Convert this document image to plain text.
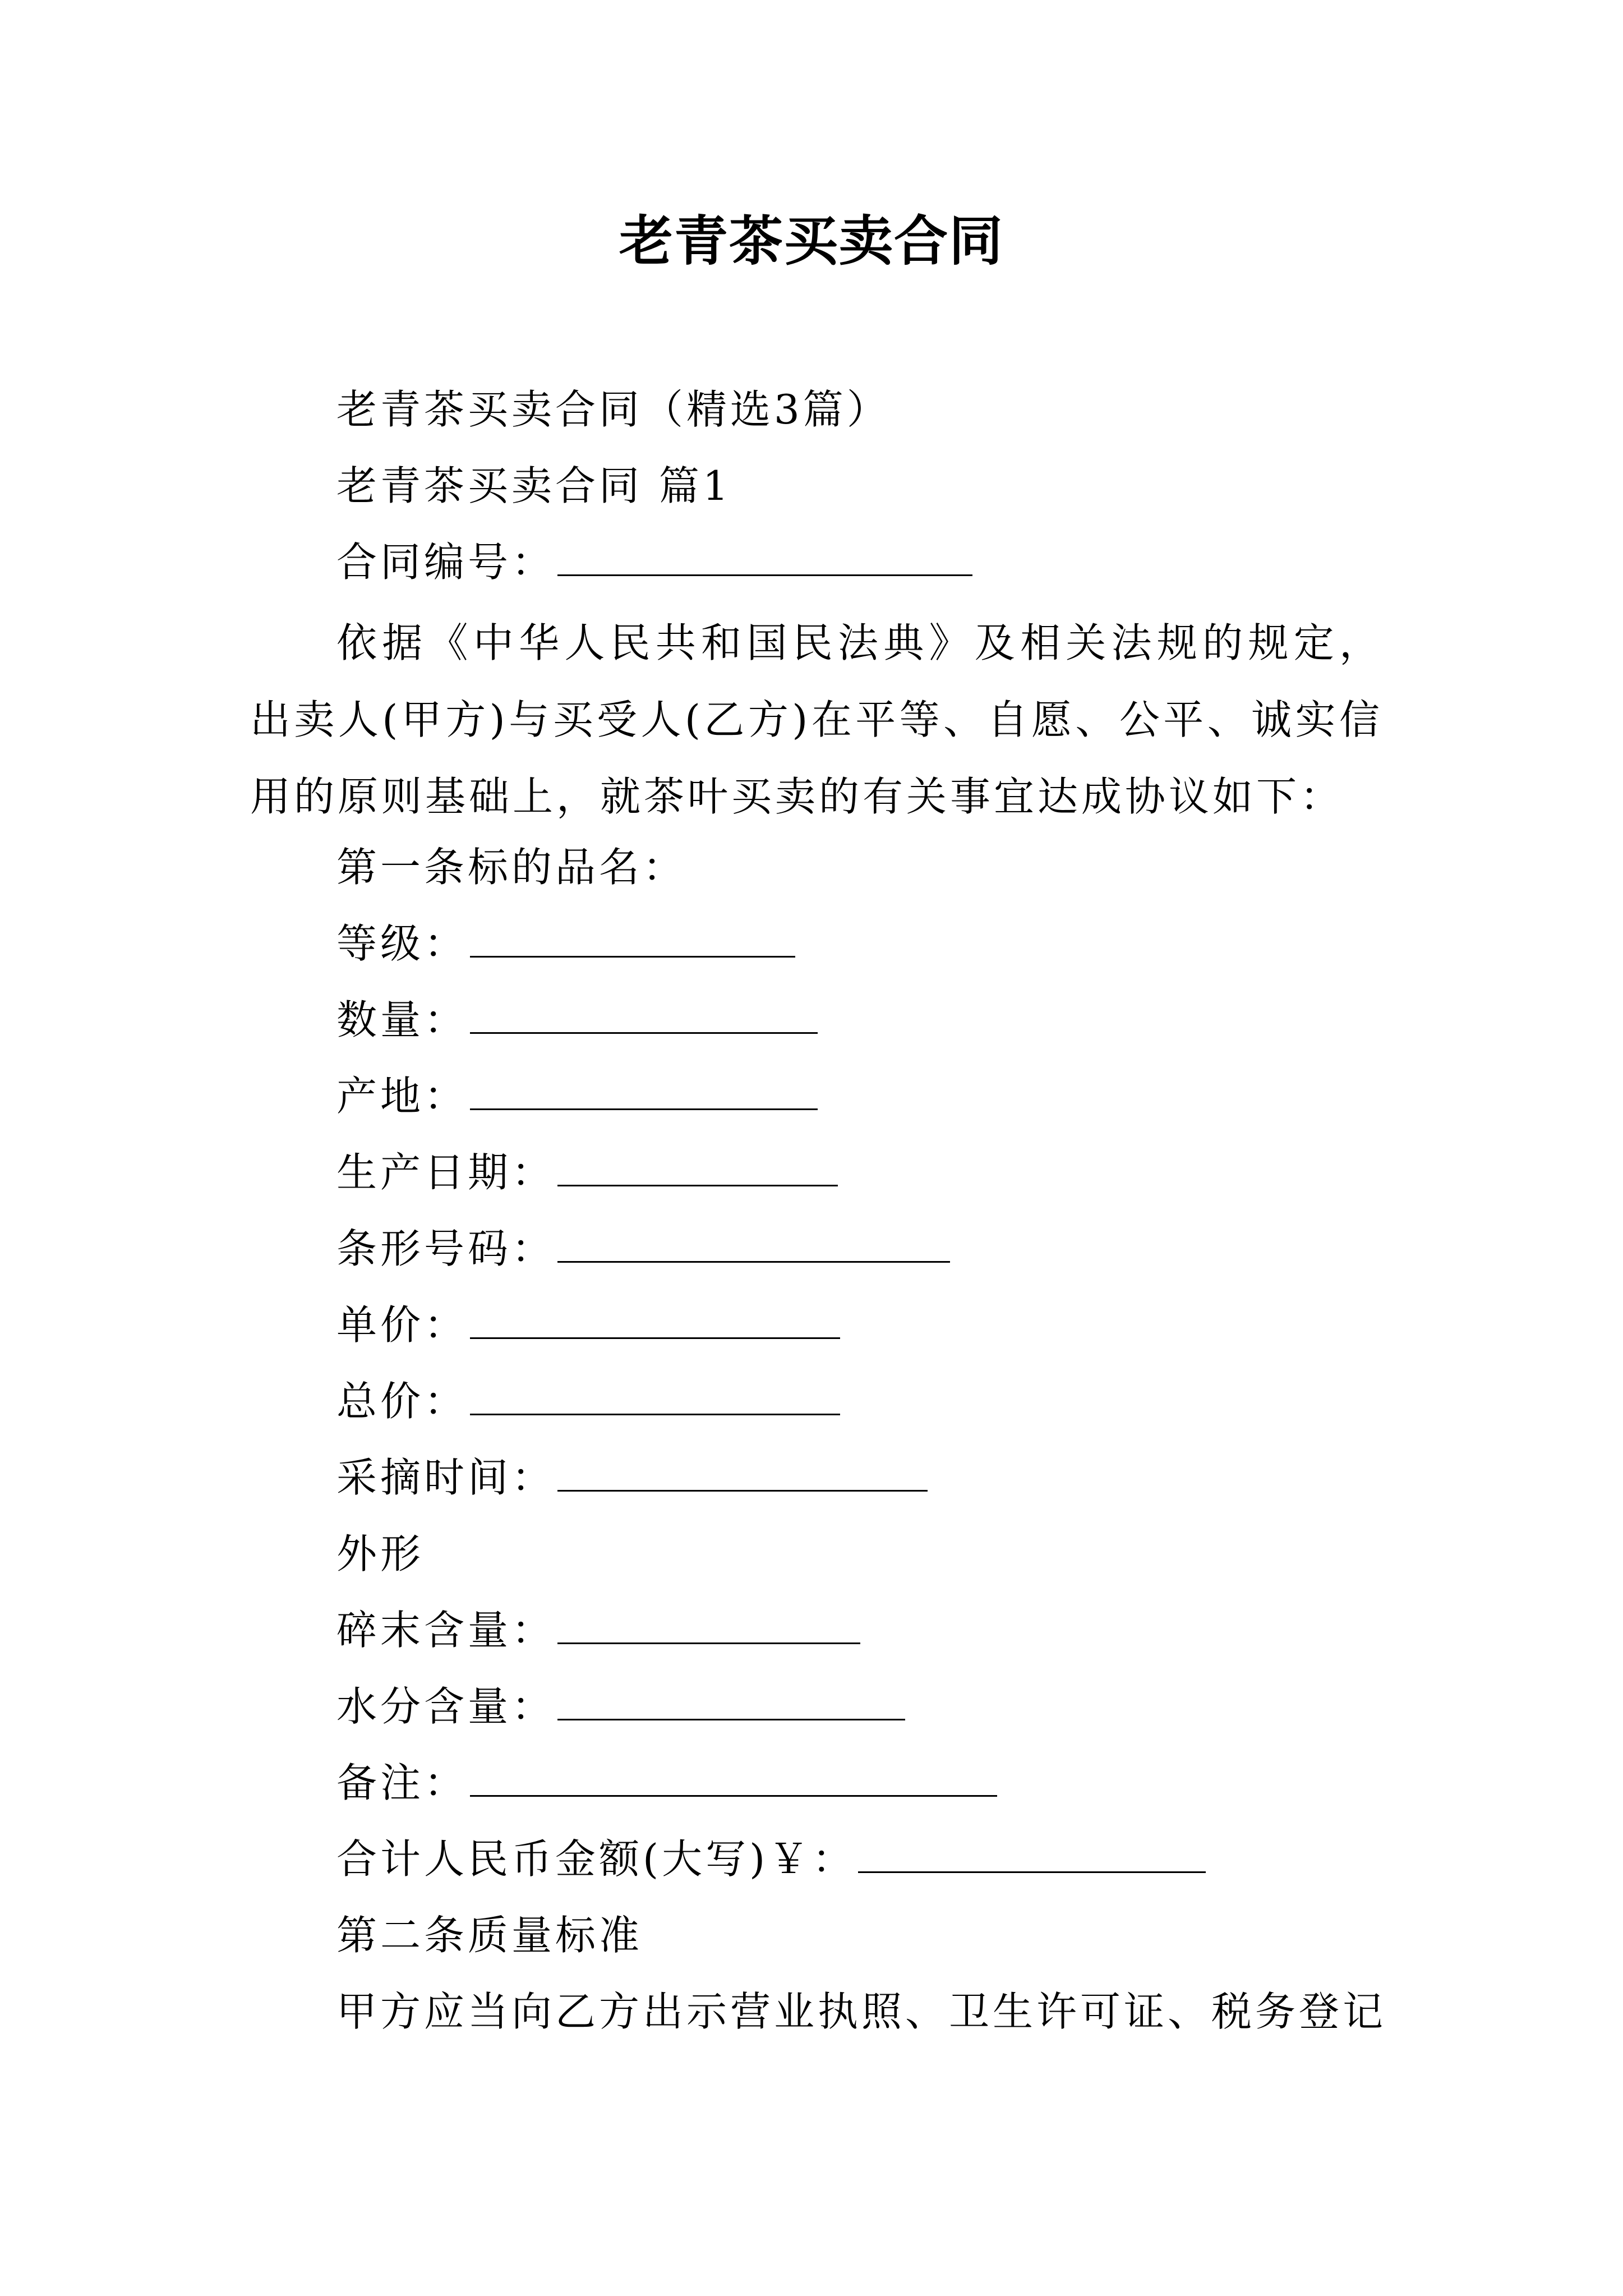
老青茶买卖合同
老青茶买卖合同（精选3篇）
老青茶买卖合同 篇1
合同编号：
依据《中华人民共和国民法典》及相关法规的规定，出卖人(甲方)与买受人(乙方)在平等、自愿、公平、诚实信用的原则基础上，就茶叶买卖的有关事宜达成协议如下：
第一条标的品名：
等级：
数量：
产地：
生产日期：
条形号码：
单价：
总价：
采摘时间：
外形
碎末含量：
水分含量：
备注：
合计人民币金额(大写)￥：
第二条质量标准
甲方应当向乙方出示营业执照、卫生许可证、税务登记
